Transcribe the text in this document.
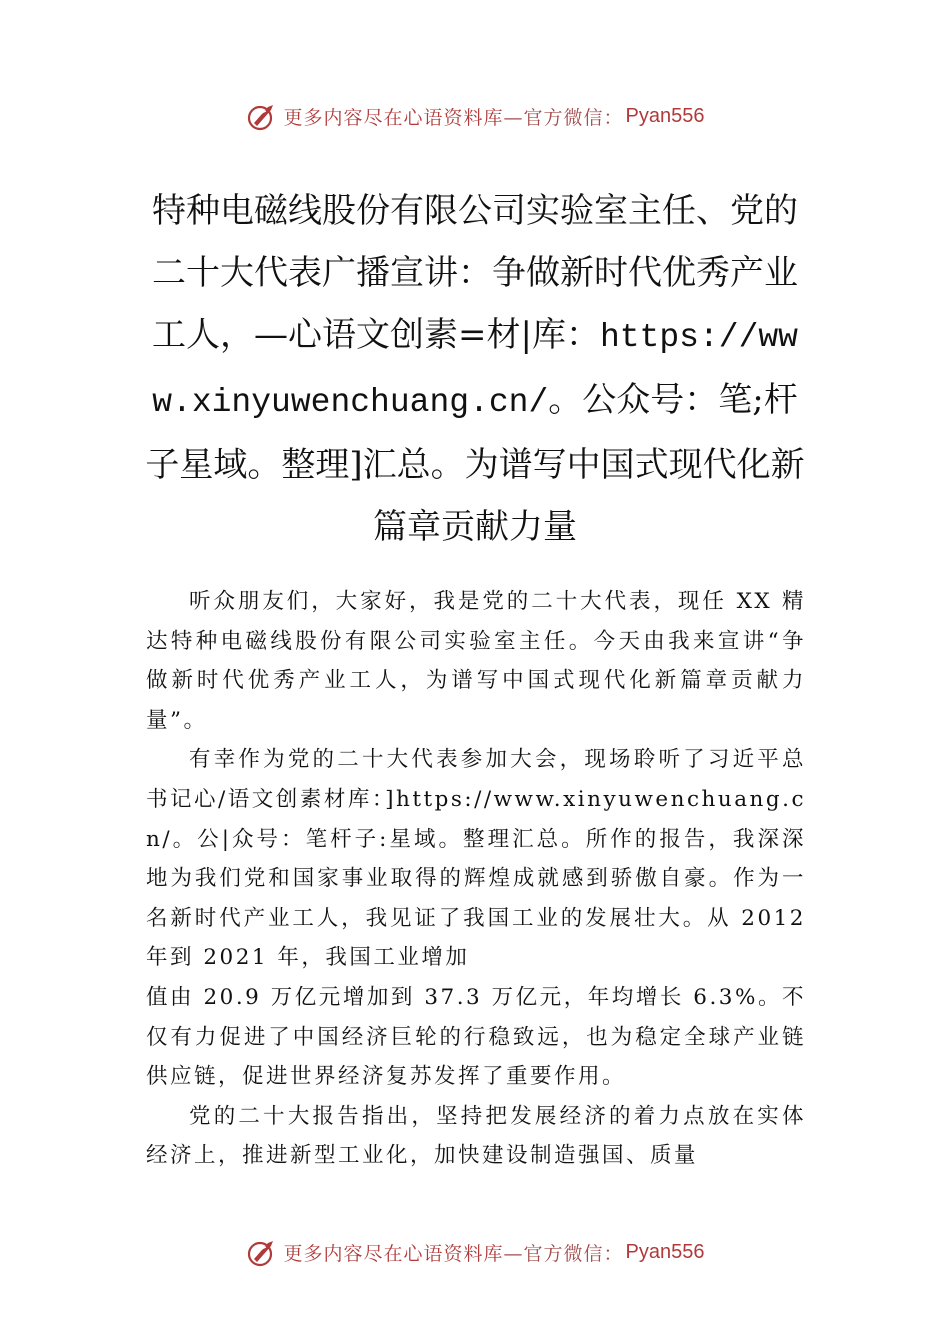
更多内容尽在心语资料库 —官方微信： Pyan556
特种电磁线股份有限公司实验室主任、党的二十大代表广播宣讲：争做新时代优秀产业工人，—心语文创素=材|库：https://www.xinyuwenchuang.cn/。公众号：笔;杆子星域。整理]汇总。为谱写中国式现代化新篇章贡献力量

听众朋友们，大家好，我是党的二十大代表，现任 XX 精达特种电磁线股份有限公司实验室主任。今天由我来宣讲“争做新时代优秀产业工人，为谱写中国式现代化新篇章贡献力量”。

有幸作为党的二十大代表参加大会，现场聆听了习近平总书记心/语文创素材库：]https://www.xinyuwenchuang.cn/。公|众号：笔杆子:星域。整理汇总。所作的报告，我深深地为我们党和国家事业取得的辉煌成就感到骄傲自豪。作为一名新时代产业工人，我见证了我国工业的发展壮大。从 2012 年到 2021 年，我国工业增加

值由 20.9 万亿元增加到 37.3 万亿元，年均增长 6.3%。不仅有力促进了中国经济巨轮的行稳致远，也为稳定全球产业链供应链，促进世界经济复苏发挥了重要作用。

党的二十大报告指出，坚持把发展经济的着力点放在实体经济上，推进新型工业化，加快建设制造强国、质量

更多内容尽在心语资料库 —官方微信： Pyan556
